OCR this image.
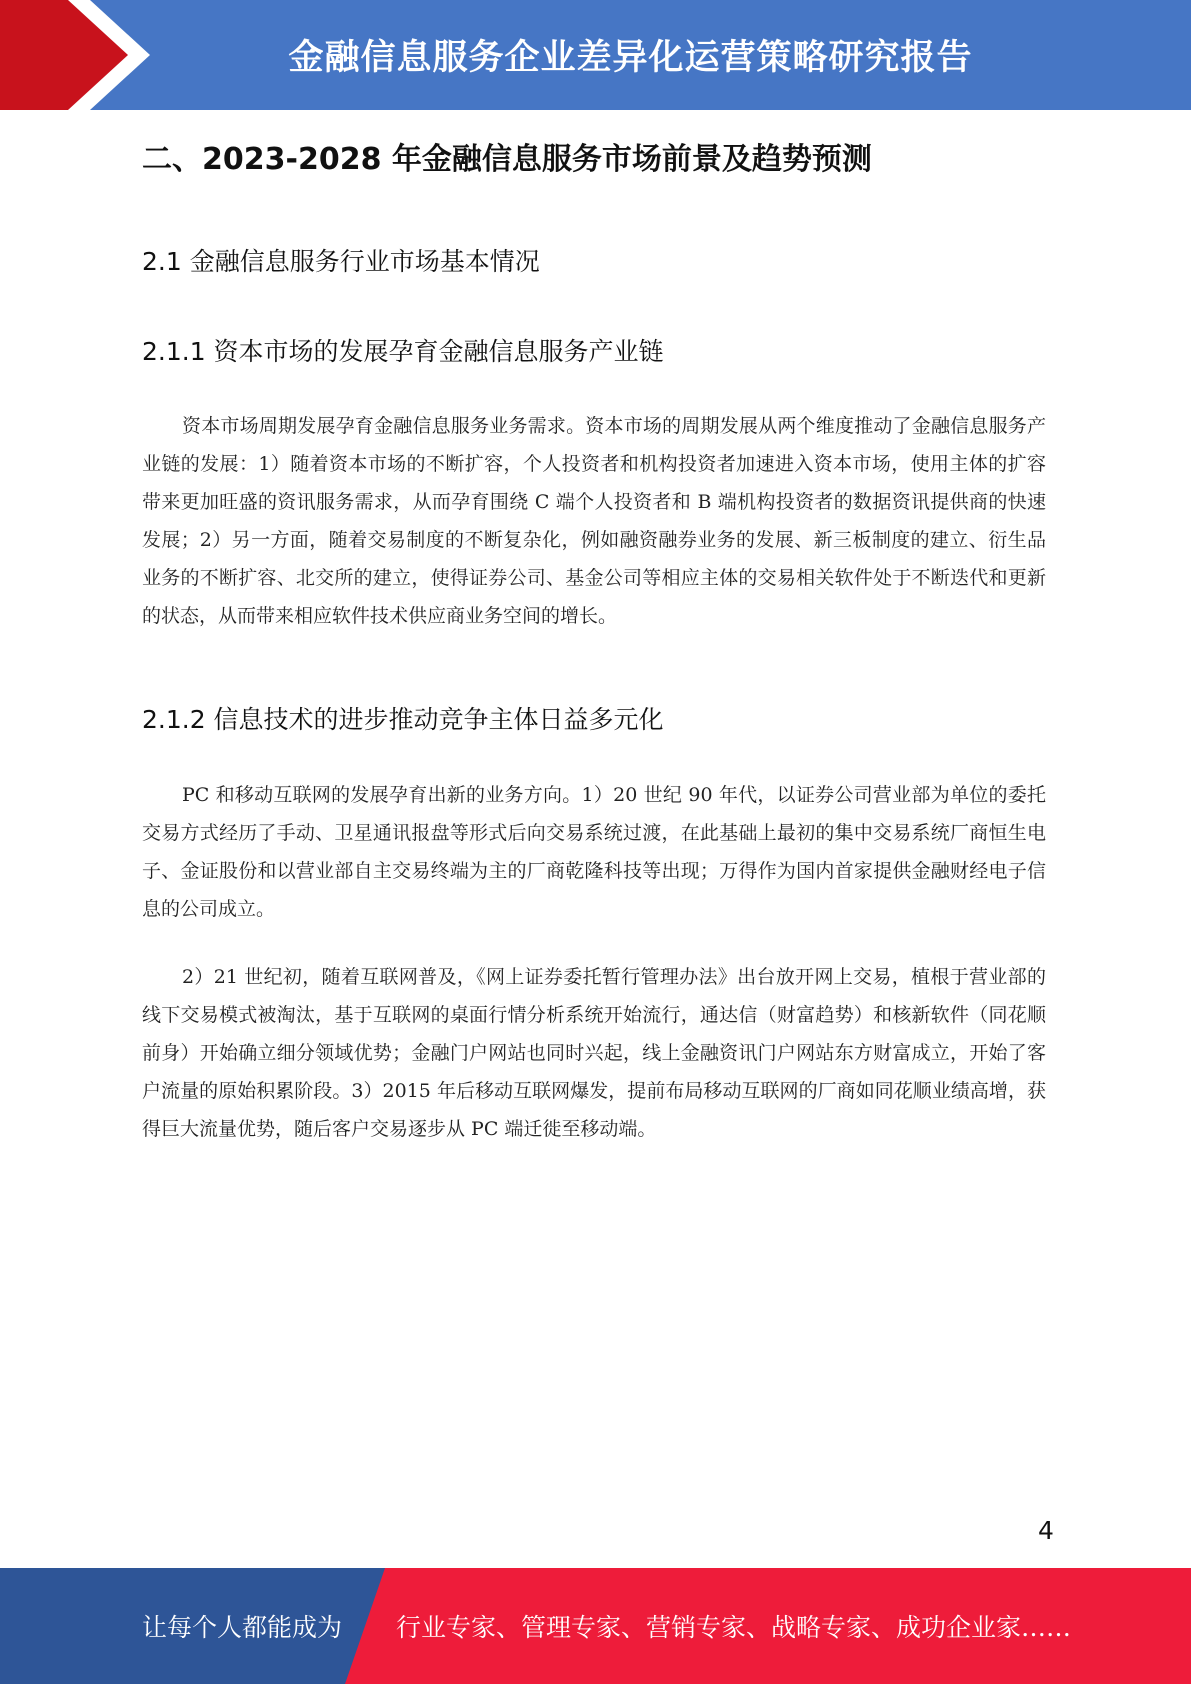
金融信息服务企业差异化运营策略研究报告
二、2023-2028 年金融信息服务市场前景及趋势预测
2.1 金融信息服务行业市场基本情况
2.1.1 资本市场的发展孕育金融信息服务产业链

资本市场周期发展孕育金融信息服务业务需求。资本市场的周期发展从两个维度推动了金融信息服务产业链的发展：1）随着资本市场的不断扩容，个人投资者和机构投资者加速进入资本市场，使用主体的扩容带来更加旺盛的资讯服务需求，从而孕育围绕 C 端个人投资者和 B 端机构投资者的数据资讯提供商的快速发展；2）另一方面，随着交易制度的不断复杂化，例如融资融券业务的发展、新三板制度的建立、衍生品业务的不断扩容、北交所的建立，使得证券公司、基金公司等相应主体的交易相关软件处于不断迭代和更新的状态，从而带来相应软件技术供应商业务空间的增长。

2.1.2 信息技术的进步推动竞争主体日益多元化

PC 和移动互联网的发展孕育出新的业务方向。1）20 世纪 90 年代，以证券公司营业部为单位的委托交易方式经历了手动、卫星通讯报盘等形式后向交易系统过渡，在此基础上最初的集中交易系统厂商恒生电子、金证股份和以营业部自主交易终端为主的厂商乾隆科技等出现；万得作为国内首家提供金融财经电子信息的公司成立。

2）21 世纪初，随着互联网普及，《网上证券委托暂行管理办法》出台放开网上交易，植根于营业部的线下交易模式被淘汰，基于互联网的桌面行情分析系统开始流行，通达信（财富趋势）和核新软件（同花顺前身）开始确立细分领域优势；金融门户网站也同时兴起，线上金融资讯门户网站东方财富成立，开始了客户流量的原始积累阶段。3）2015 年后移动互联网爆发，提前布局移动互联网的厂商如同花顺业绩高增，获得巨大流量优势，随后客户交易逐步从 PC 端迁徙至移动端。

4
让每个人都能成为 行业专家、管理专家、营销专家、战略专家、成功企业家……
